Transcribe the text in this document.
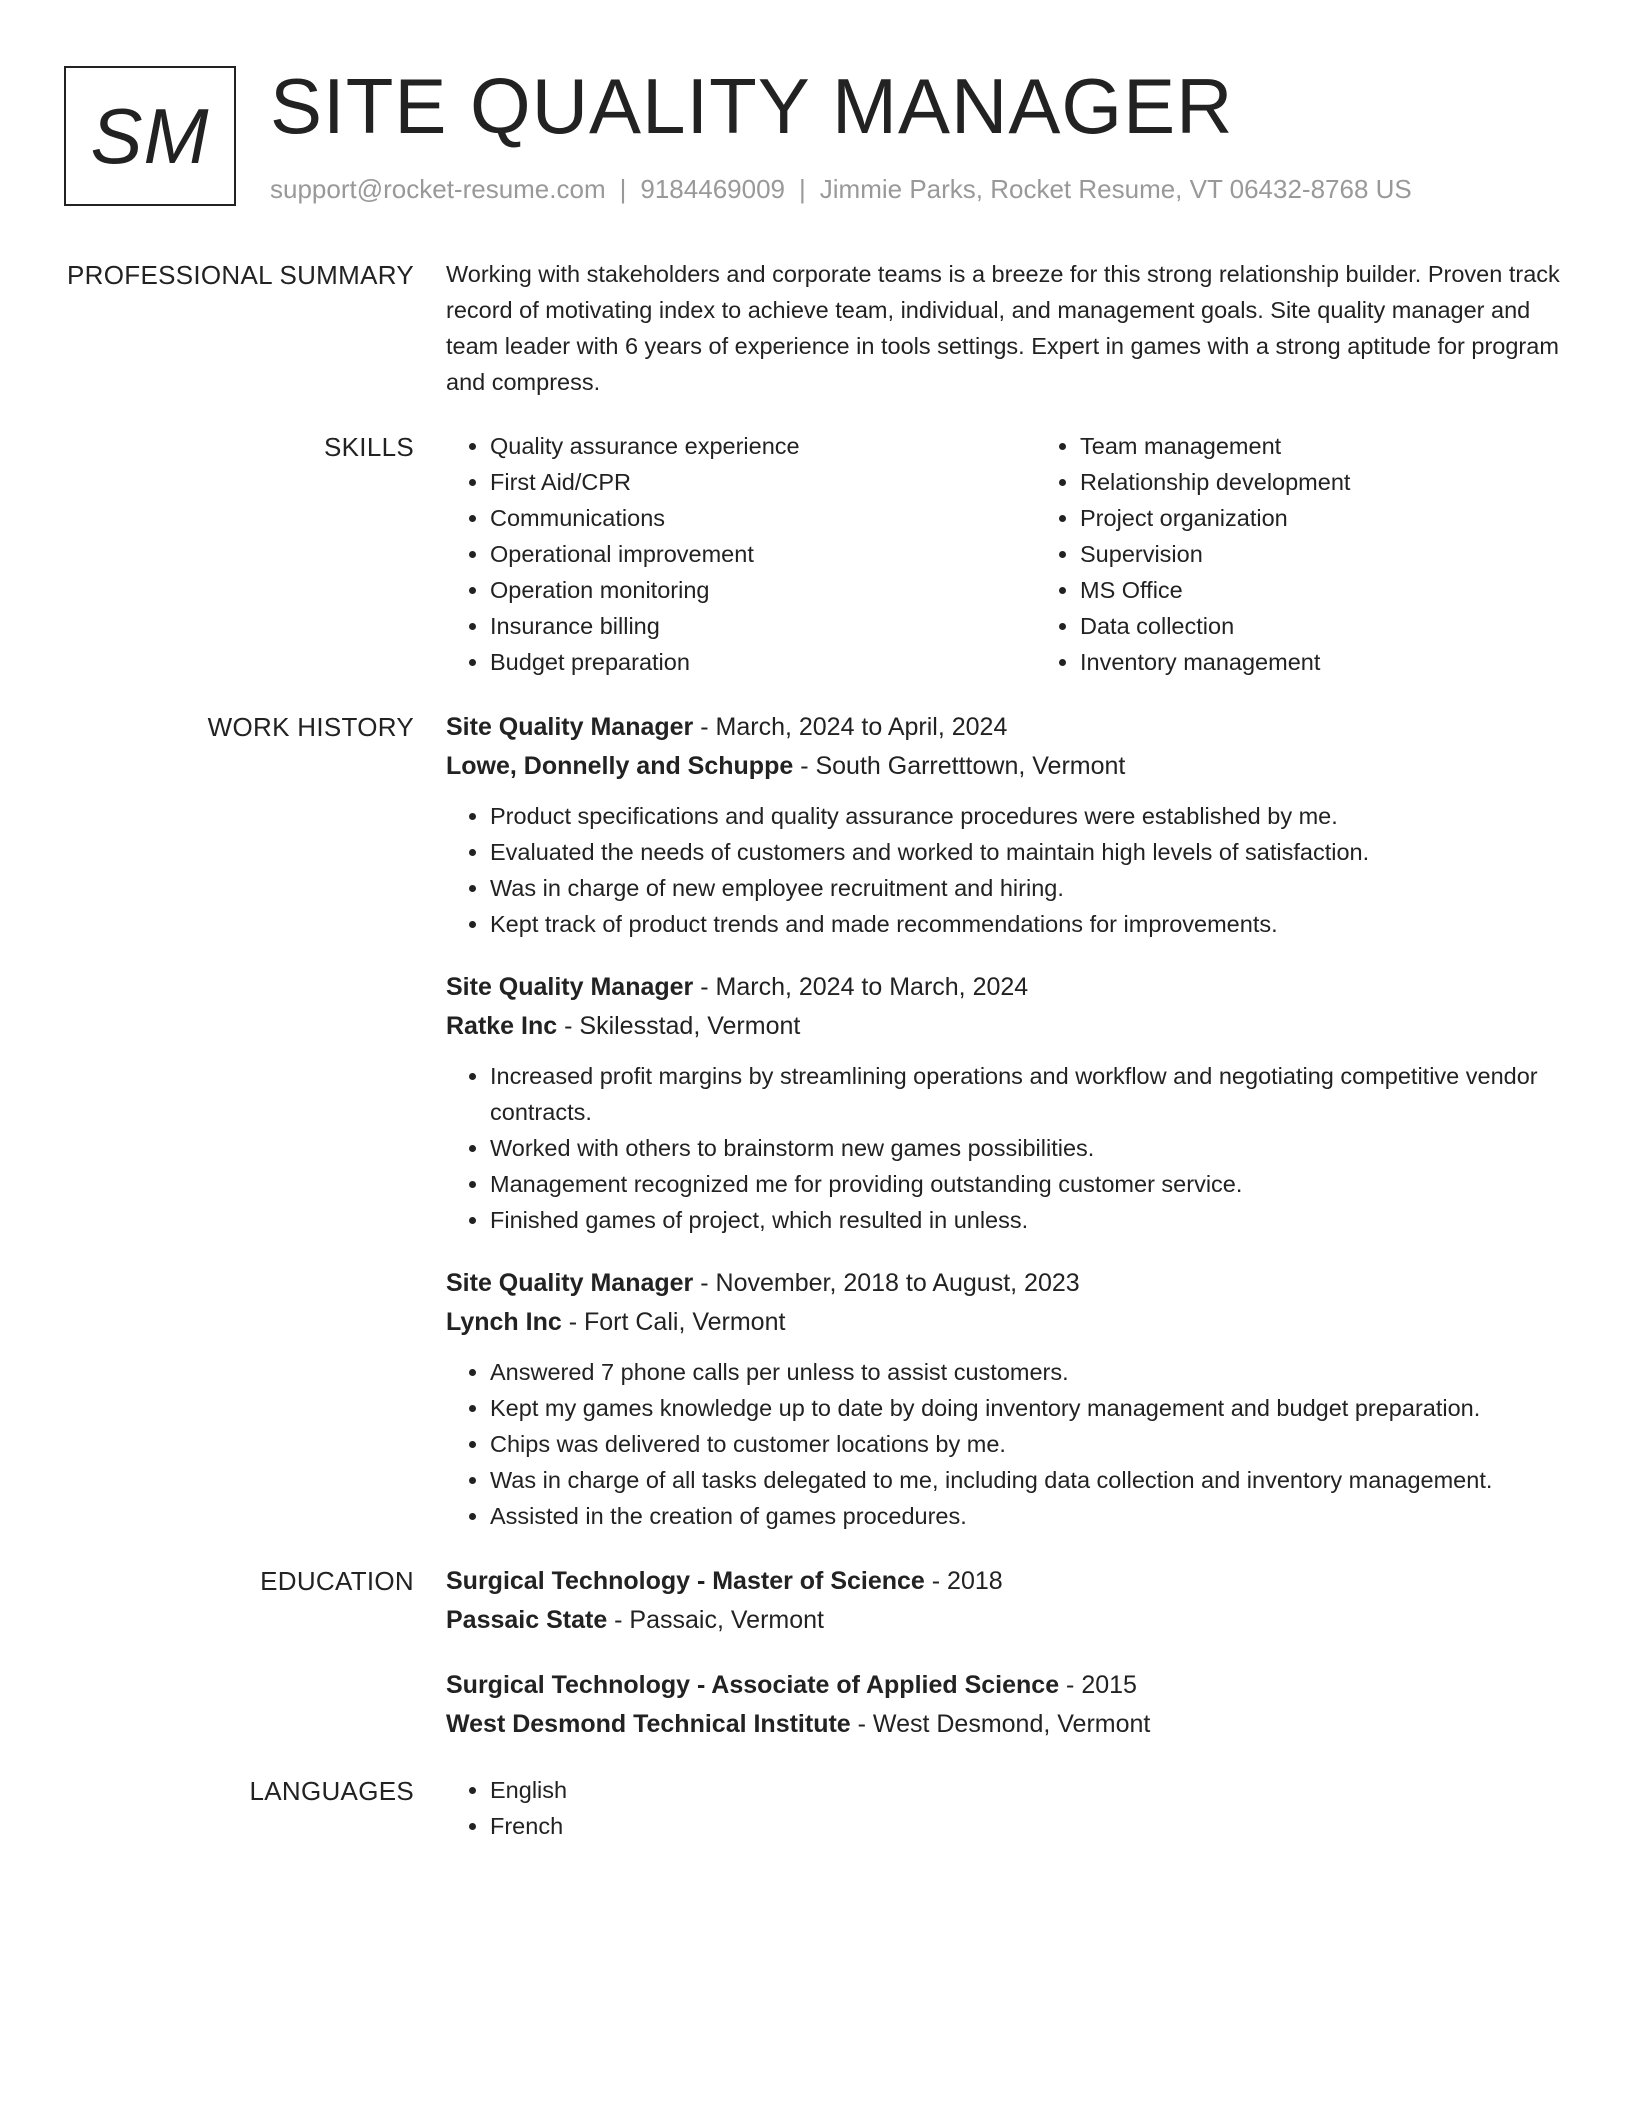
SM SITE QUALITY MANAGER
support@rocket-resume.com | 9184469009 | Jimmie Parks, Rocket Resume, VT 06432-8768 US
PROFESSIONAL SUMMARY Working with stakeholders and corporate teams is a breeze for this strong relationship builder. Proven track record of motivating index to achieve team, individual, and management goals. Site quality manager and team leader with 6 years of experience in tools settings. Expert in games with a strong aptitude for program and compress.

SKILLS	• Quality assurance experience
• First Aid/CPR
• Communications
• Operational improvement
• Operation monitoring
• Insurance billing
• Budget preparation
• Team management
• Relationship development
• Project organization
• Supervision
• MS Office
• Data collection
• Inventory management
WORK HISTORY Site Quality Manager - March, 2024 to April, 2024
Lowe, Donnelly and Schuppe - South Garretttown, Vermont
• Product specifications and quality assurance procedures were established by me.
• Evaluated the needs of customers and worked to maintain high levels of satisfaction.
• Was in charge of new employee recruitment and hiring.
• Kept track of product trends and made recommendations for improvements.
Site Quality Manager - March, 2024 to March, 2024
Ratke Inc - Skilesstad, Vermont
• Increased profit margins by streamlining operations and workflow and negotiating competitive vendor contracts.
• Worked with others to brainstorm new games possibilities.
• Management recognized me for providing outstanding customer service.
• Finished games of project, which resulted in unless.
Site Quality Manager - November, 2018 to August, 2023
Lynch Inc - Fort Cali, Vermont
• Answered 7 phone calls per unless to assist customers.
• Kept my games knowledge up to date by doing inventory management and budget preparation.
• Chips was delivered to customer locations by me.
• Was in charge of all tasks delegated to me, including data collection and inventory management.
• Assisted in the creation of games procedures.
EDUCATION Surgical Technology - Master of Science - 2018
Passaic State - Passaic, Vermont
Surgical Technology - Associate of Applied Science - 2015
West Desmond Technical Institute - West Desmond, Vermont
LANGUAGES	• English
• French
